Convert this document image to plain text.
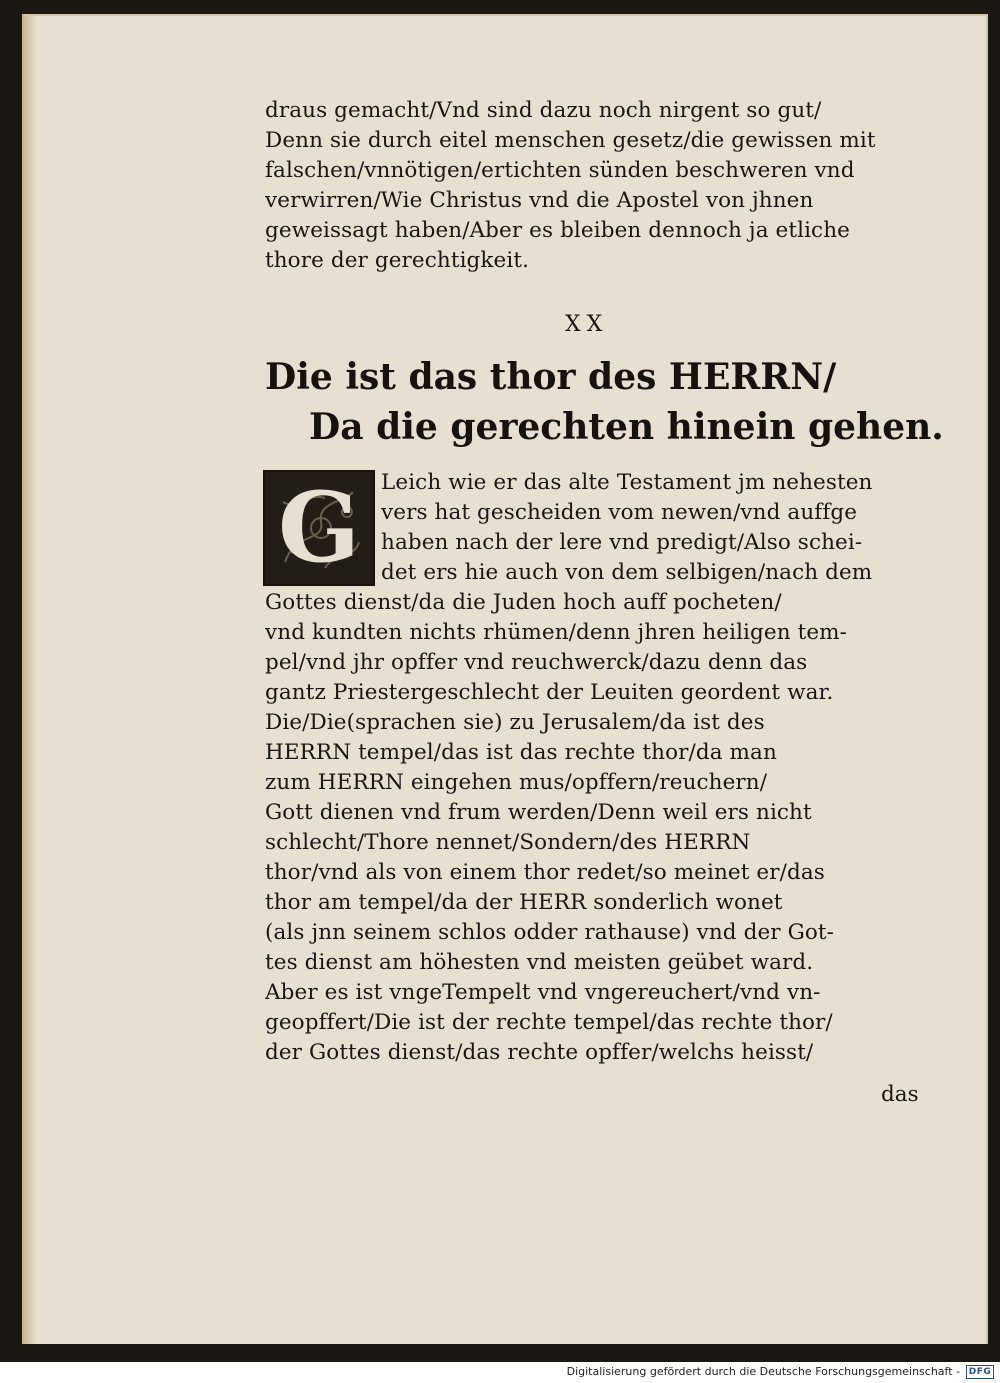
draus gemacht/Vnd sind dazu noch nirgent so gut/
Denn sie durch eitel menschen gesetz/die gewissen mit
falschen/vnnötigen/ertichten sünden beschweren vnd
verwirren/Wie Christus vnd die Apostel von jhnen
geweissagt haben/Aber es bleiben dennoch ja etliche
thore der gerechtigkeit.
XX
Die ist das thor des HERRN/
Da die gerechten hinein gehen.
G Leich wie er das alte Testament jm nehesten
vers hat gescheiden vom newen/vnd auffge
haben nach der lere vnd predigt/Also schei-
det ers hie auch von dem selbigen/nach dem
Gottes dienst/da die Juden hoch auff pocheten/
vnd kundten nichts rhümen/denn jhren heiligen tem-
pel/vnd jhr opffer vnd reuchwerck/dazu denn das
gantz Priestergeschlecht der Leuiten geordent war.
Die/Die(sprachen sie) zu Jerusalem/da ist des
HERRN tempel/das ist das rechte thor/da man
zum HERRN eingehen mus/opffern/reuchern/
Gott dienen vnd frum werden/Denn weil ers nicht
schlecht/Thore nennet/Sondern/des HERRN
thor/vnd als von einem thor redet/so meinet er/das
thor am tempel/da der HERR sonderlich wonet
(als jnn seinem schlos odder rathause) vnd der Got-
tes dienst am höhesten vnd meisten geübet ward.
Aber es ist vngeTempelt vnd vngereuchert/vnd vn-
geopffert/Die ist der rechte tempel/das rechte thor/
der Gottes dienst/das rechte opffer/welchs heisst/
das
Digitalisierung gefördert durch die Deutsche Forschungsgemeinschaft - DFG
